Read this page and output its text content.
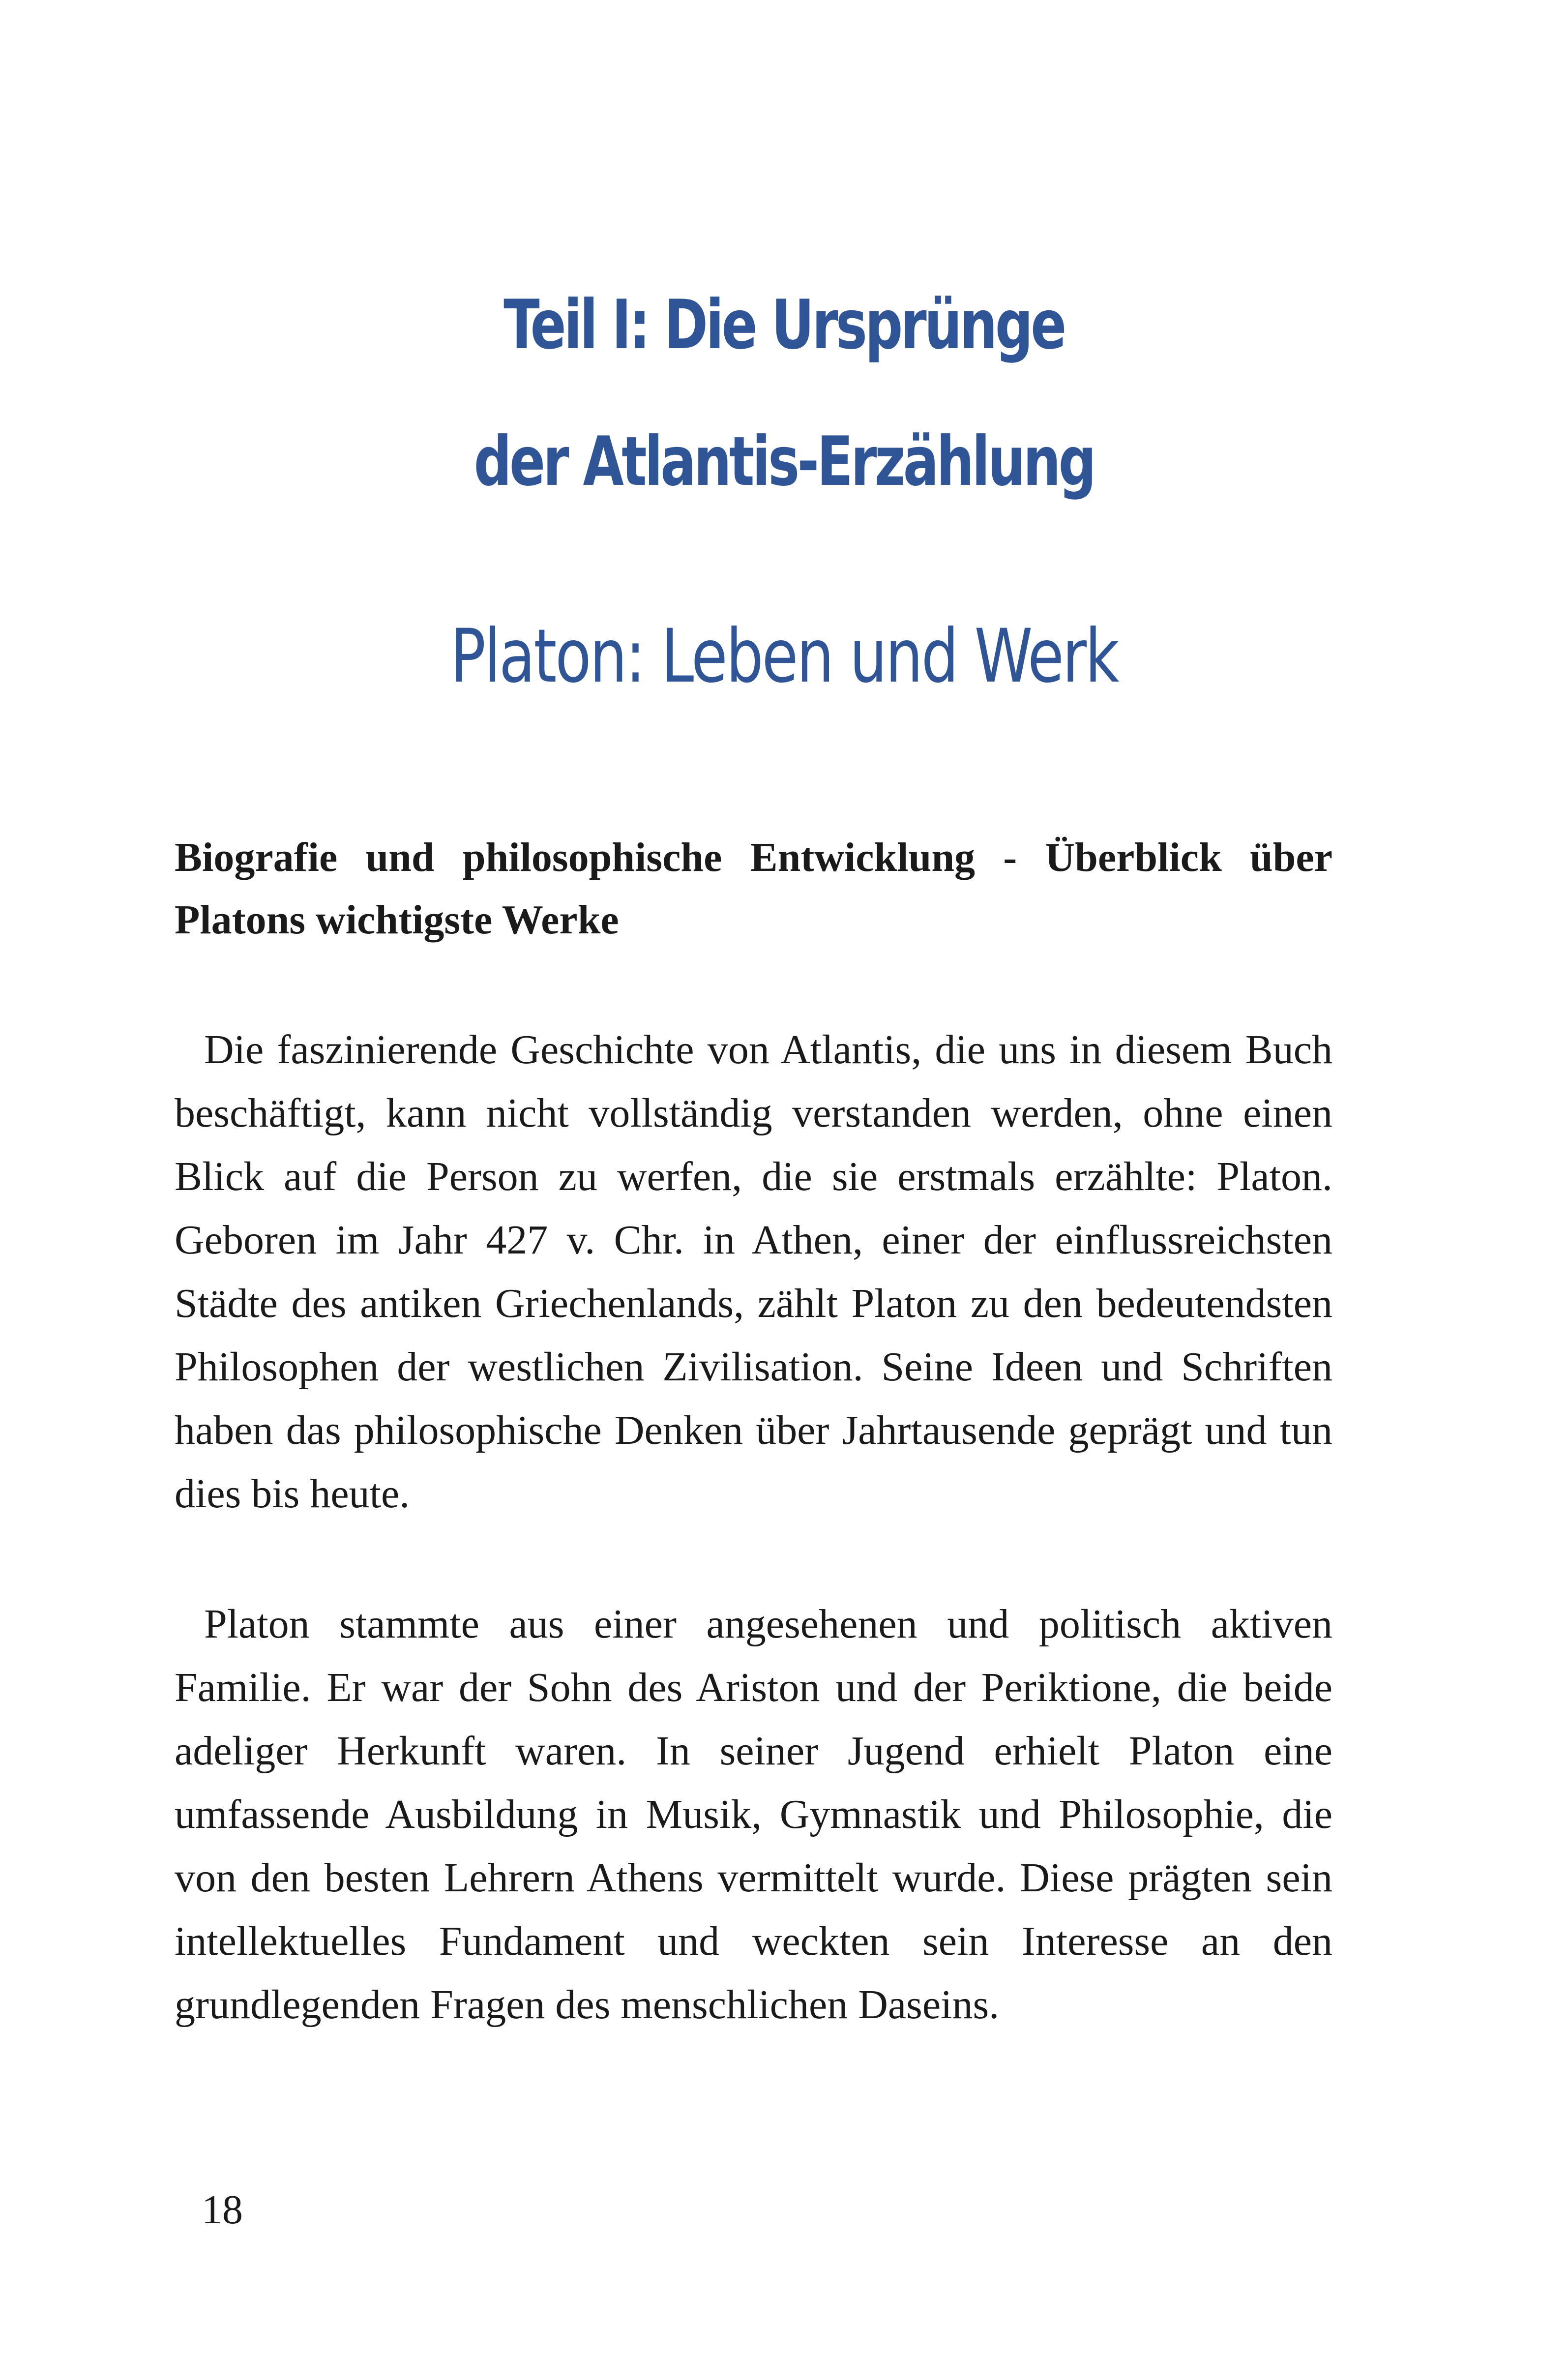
Teil I: Die Ursprünge
der Atlantis-Erzählung
Platon: Leben und Werk
Biografie und philosophische Entwicklung - Überblick über Platons wichtigste Werke

Die faszinierende Geschichte von Atlantis, die uns in diesem Buch beschäftigt, kann nicht vollständig verstanden werden, ohne einen Blick auf die Person zu werfen, die sie erstmals erzählte: Platon. Geboren im Jahr 427 v. Chr. in Athen, einer der einflussreichsten Städte des antiken Griechenlands, zählt Platon zu den bedeutendsten Philosophen der westlichen Zivilisation. Seine Ideen und Schriften haben das philosophische Denken über Jahrtausende geprägt und tun dies bis heute.

Platon stammte aus einer angesehenen und politisch aktiven Familie. Er war der Sohn des Ariston und der Periktione, die beide adeliger Herkunft waren. In seiner Jugend erhielt Platon eine umfassende Ausbildung in Musik, Gymnastik und Philosophie, die von den besten Lehrern Athens vermittelt wurde. Diese prägten sein intellektuelles Fundament und weckten sein Interesse an den grundlegenden Fragen des menschlichen Daseins.

18
